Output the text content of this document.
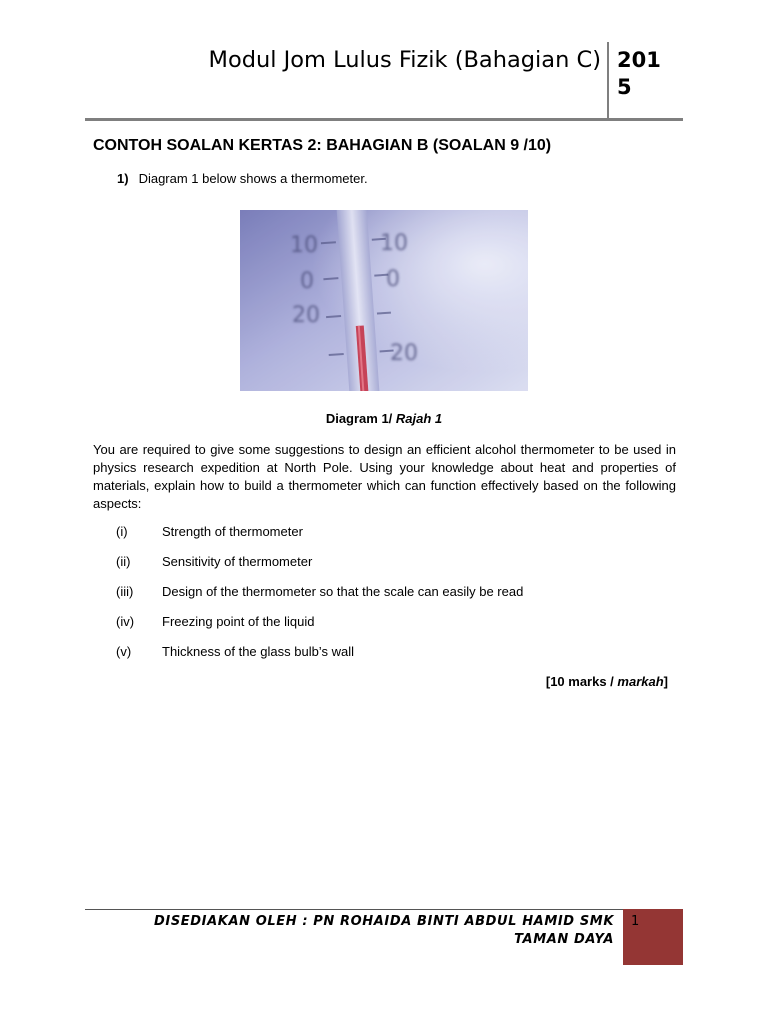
Modul Jom Lulus Fizik (Bahagian C) 2015
CONTOH SOALAN KERTAS 2: BAHAGIAN B (SOALAN 9 /10)
1) Diagram 1 below shows a thermometer.
10
0
20
10
0
20
Diagram 1/ Rajah 1
You are required to give some suggestions to design an efficient alcohol thermometer to be used in physics research expedition at North Pole. Using your knowledge about heat and properties of materials, explain how to build a thermometer which can function effectively based on the following aspects:
(i)	Strength of thermometer
(ii) Sensitivity of thermometer
(iii) Design of the thermometer so that the scale can easily be read
(iv) Freezing point of the liquid
(v) Thickness of the glass bulb’s wall
[10 marks / markah]
DISEDIAKAN OLEH : PN ROHAIDA BINTI ABDUL HAMID SMK TAMAN DAYA
1
